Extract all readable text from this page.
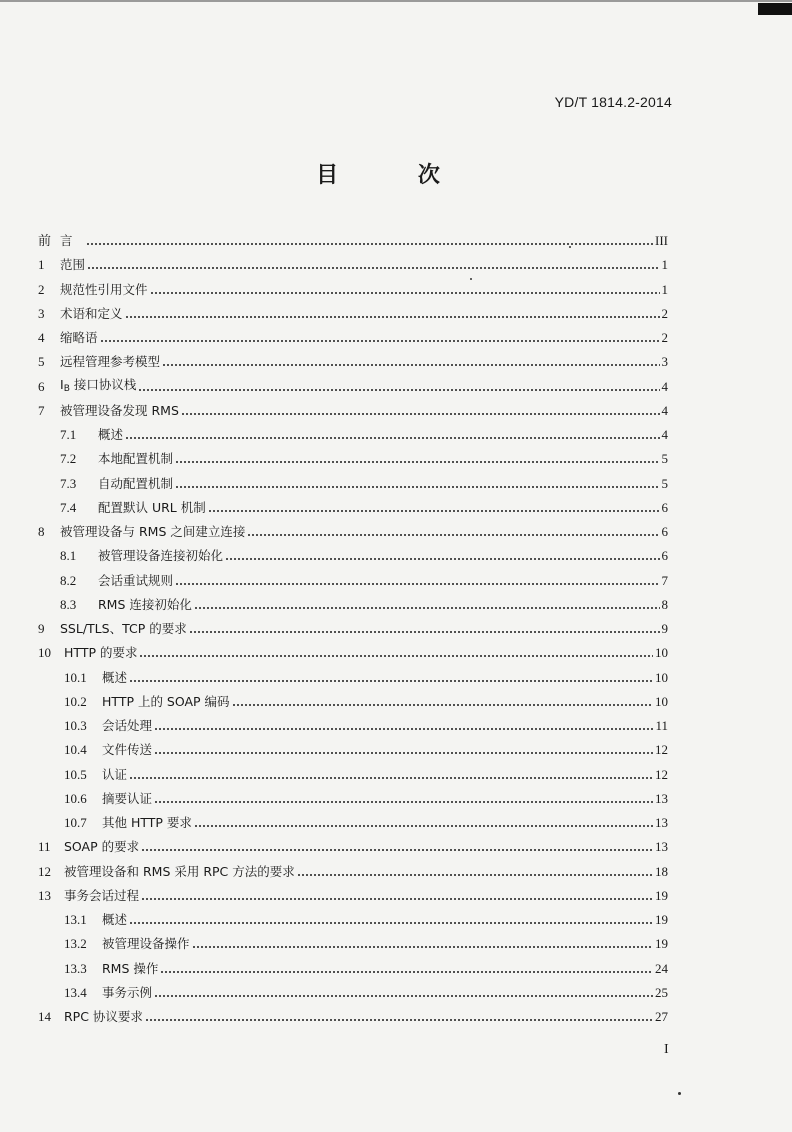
YD/T 1814.2-2014
目 次
前 言	III
1	范围	1
2	规范性引用文件	1
3	术语和定义	2
4	缩略语	2
5	远程管理参考模型	3
6	IB 接口协议栈	4
7	被管理设备发现 RMS	4
7.1	概述	4
7.2	本地配置机制	5
7.3	自动配置机制	5
7.4	配置默认 URL 机制	6
8	被管理设备与 RMS 之间建立连接	6
8.1	被管理设备连接初始化	6
8.2	会话重试规则	7
8.3	RMS 连接初始化	8
9	SSL/TLS、TCP 的要求	9
10	HTTP 的要求	10
10.1	概述	10
10.2	HTTP 上的 SOAP 编码	10
10.3	会话处理	11
10.4	文件传送	12
10.5	认证	12
10.6	摘要认证	13
10.7	其他 HTTP 要求	13
11	SOAP 的要求	13
12	被管理设备和 RMS 采用 RPC 方法的要求	18
13	事务会话过程	19
13.1	概述	19
13.2	被管理设备操作	19
13.3	RMS 操作	24
13.4	事务示例	25
14	RPC 协议要求	27
I
